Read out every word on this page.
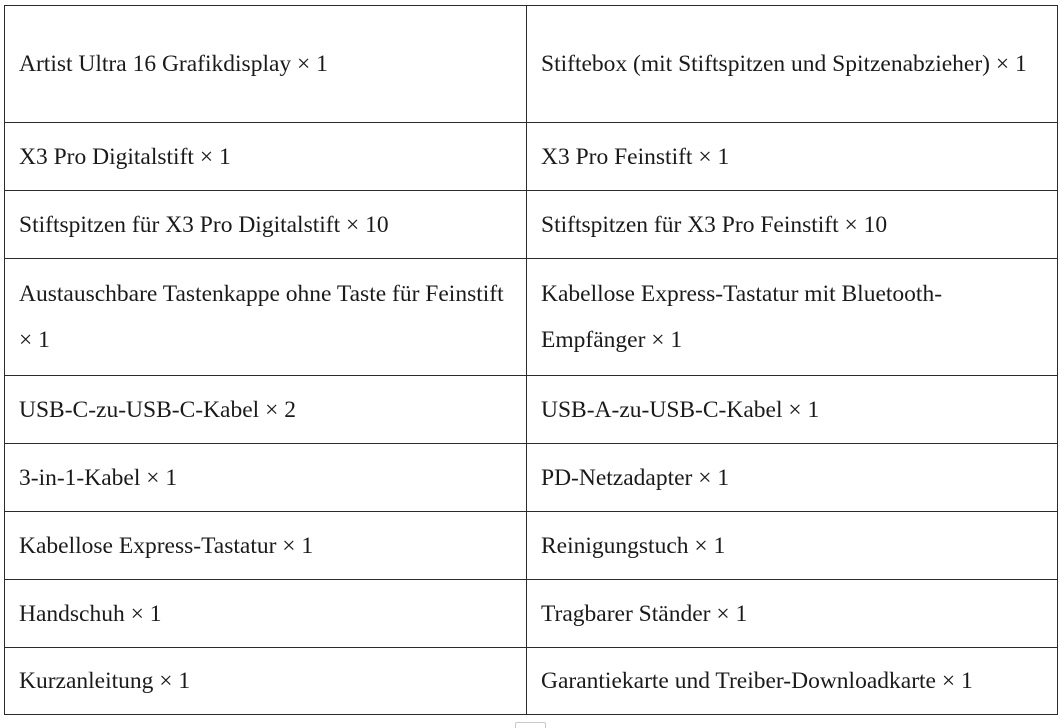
Artist Ultra 16 Grafikdisplay × 1	Stiftebox (mit Stiftspitzen und Spitzenabzieher) × 1
X3 Pro Digitalstift × 1	X3 Pro Feinstift × 1
Stiftspitzen für X3 Pro Digitalstift × 10	Stiftspitzen für X3 Pro Feinstift × 10
Austauschbare Tastenkappe ohne Taste für Feinstift × 1	Kabellose Express-Tastatur mit Bluetooth-Empfänger × 1
USB-C-zu-USB-C-Kabel × 2	USB-A-zu-USB-C-Kabel × 1
3-in-1-Kabel × 1	PD-Netzadapter × 1
Kabellose Express-Tastatur × 1	Reinigungstuch × 1
Handschuh × 1	Tragbarer Ständer × 1
Kurzanleitung × 1	Garantiekarte und Treiber-Downloadkarte × 1
